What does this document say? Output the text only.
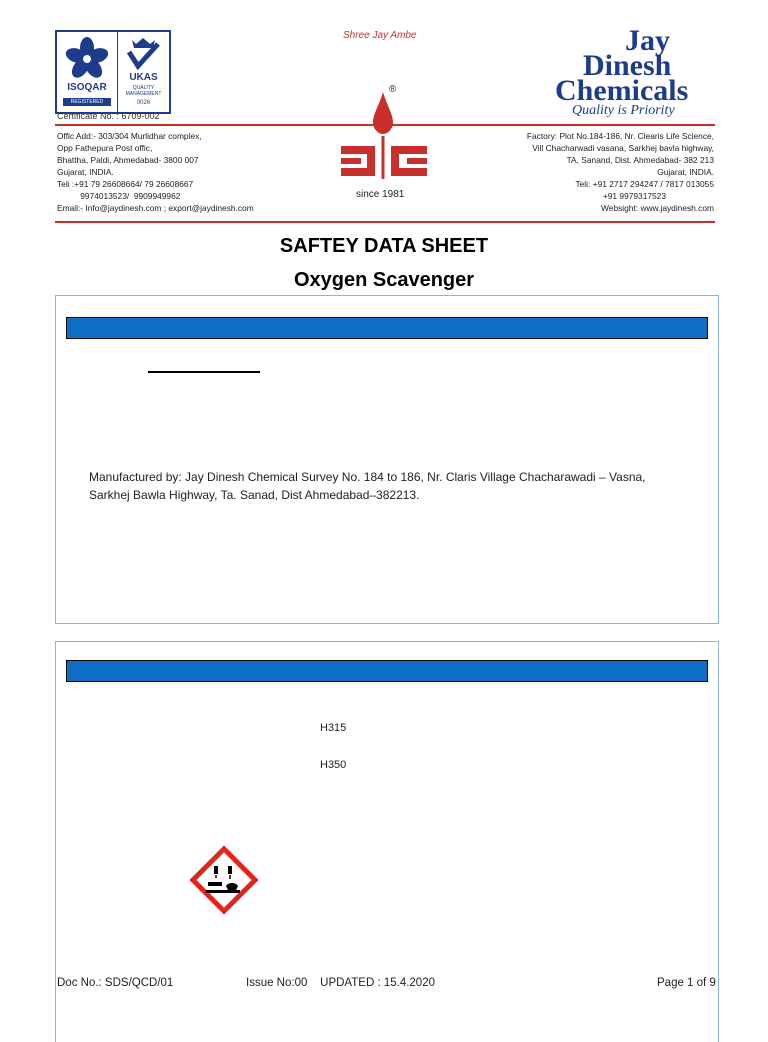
ISOQAR
REGISTERED
UKAS
QUALITY MANAGEMENT
0026
Certificate No. : 6709-002
Shree Jay Ambe	Jay
Dinesh
Chemicals
Quality is Priority
Offic Add:- 303/304 Murlidhar complex,
Opp Fathepura Post offic,
Bhattha, Paldi, Ahmedabad- 3800 007
Gujarat, INDIA.
Teli :+91 79 26608664/ 79 26608667
9974013523/  9909949962
Email:- Info@jaydinesh.com ; export@jaydinesh.com
®
since 1981
Factory: Plot No.184-186, Nr. Clearis Life Science,
Vill Chacharwadi vasana, Sarkhej bavla highway,
TA, Sanand, Dist. Ahmedabad- 382 213
Gujarat, INDIA.
Teli: +91 2717 294247 / 7817 013055
+91 9979317523
Websight: www.jaydinesh.com
SAFTEY DATA SHEET
Oxygen Scavenger
Manufactured by: Jay Dinesh Chemical Survey No. 184 to 186, Nr. Claris Village Chacharawadi – Vasna, Sarkhej Bawla Highway, Ta. Sanad, Dist Ahmedabad–382213.
H315
H350
Doc No.: SDS/QCD/01	Issue No:00    UPDATED : 15.4.2020	Page 1 of 9
